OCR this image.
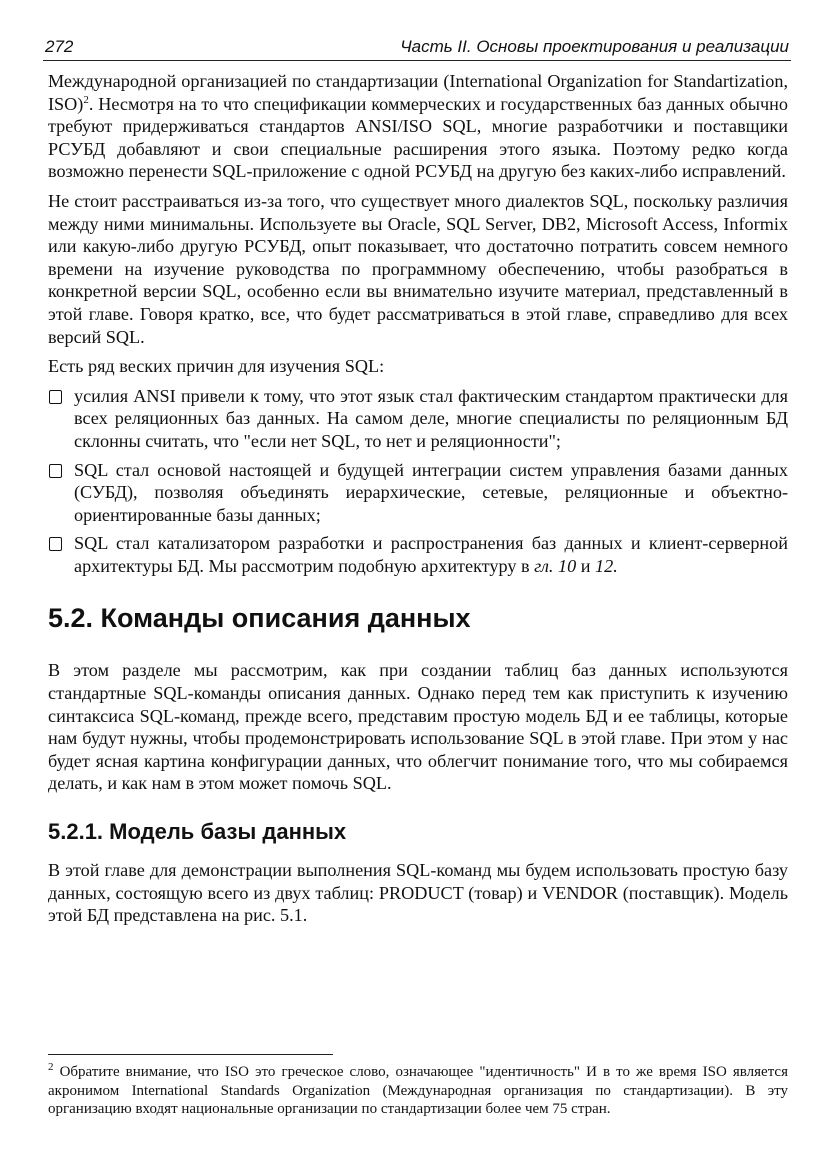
272	Часть II. Основы проектирования и реализации

Международной организацией по стандартизации (International Organization for Standartization, ISO)$^2$. Несмотря на то что спецификации коммерческих и государственных баз данных обычно требуют придерживаться стандартов ANSI/ISO SQL, многие разработчики и поставщики РСУБД добавляют и свои специальные расширения этого языка. Поэтому редко когда возможно перенести SQL-приложение с одной РСУБД на другую без каких-либо исправлений.

Не стоит расстраиваться из-за того, что существует много диалектов SQL, поскольку различия между ними минимальны. Используете вы Oracle, SQL Server, DB2, Microsoft Access, Informix или какую-либо другую РСУБД, опыт показывает, что достаточно потратить совсем немного времени на изучение руководства по программному обеспечению, чтобы разобраться в конкретной версии SQL, особенно если вы внимательно изучите материал, представленный в этой главе. Говоря кратко, все, что будет рассматриваться в этой главе, справедливо для всех версий SQL.

Есть ряд веских причин для изучения SQL:

усилия ANSI привели к тому, что этот язык стал фактическим стандартом практически для всех реляционных баз данных. На самом деле, многие специалисты по реляционным БД склонны считать, что "если нет SQL, то нет и реляционности";
SQL стал основой настоящей и будущей интеграции систем управления базами данных (СУБД), позволяя объединять иерархические, сетевые, реляционные и объектно-ориентированные базы данных;
SQL стал катализатором разработки и распространения баз данных и клиент-серверной архитектуры БД. Мы рассмотрим подобную архитектуру в гл. 10 и 12.
5.2. Команды описания данных

В этом разделе мы рассмотрим, как при создании таблиц баз данных используются стандартные SQL-команды описания данных. Однако перед тем как приступить к изучению синтаксиса SQL-команд, прежде всего, представим простую модель БД и ее таблицы, которые нам будут нужны, чтобы продемонстрировать использование SQL в этой главе. При этом у нас будет ясная картина конфигурации данных, что облегчит понимание того, что мы собираемся делать, и как нам в этом может помочь SQL.

5.2.1. Модель базы данных

В этой главе для демонстрации выполнения SQL-команд мы будем использовать простую базу данных, состоящую всего из двух таблиц: PRODUCT (товар) и VENDOR (поставщик). Модель этой БД представлена на рис. 5.1.

$^2$ Обратите внимание, что ISO это греческое слово, означающее "идентичность" И в то же время ISO является акронимом International Standards Organization (Международная организация по стандартизации). В эту организацию входят национальные организации по стандартизации более чем 75 стран.
